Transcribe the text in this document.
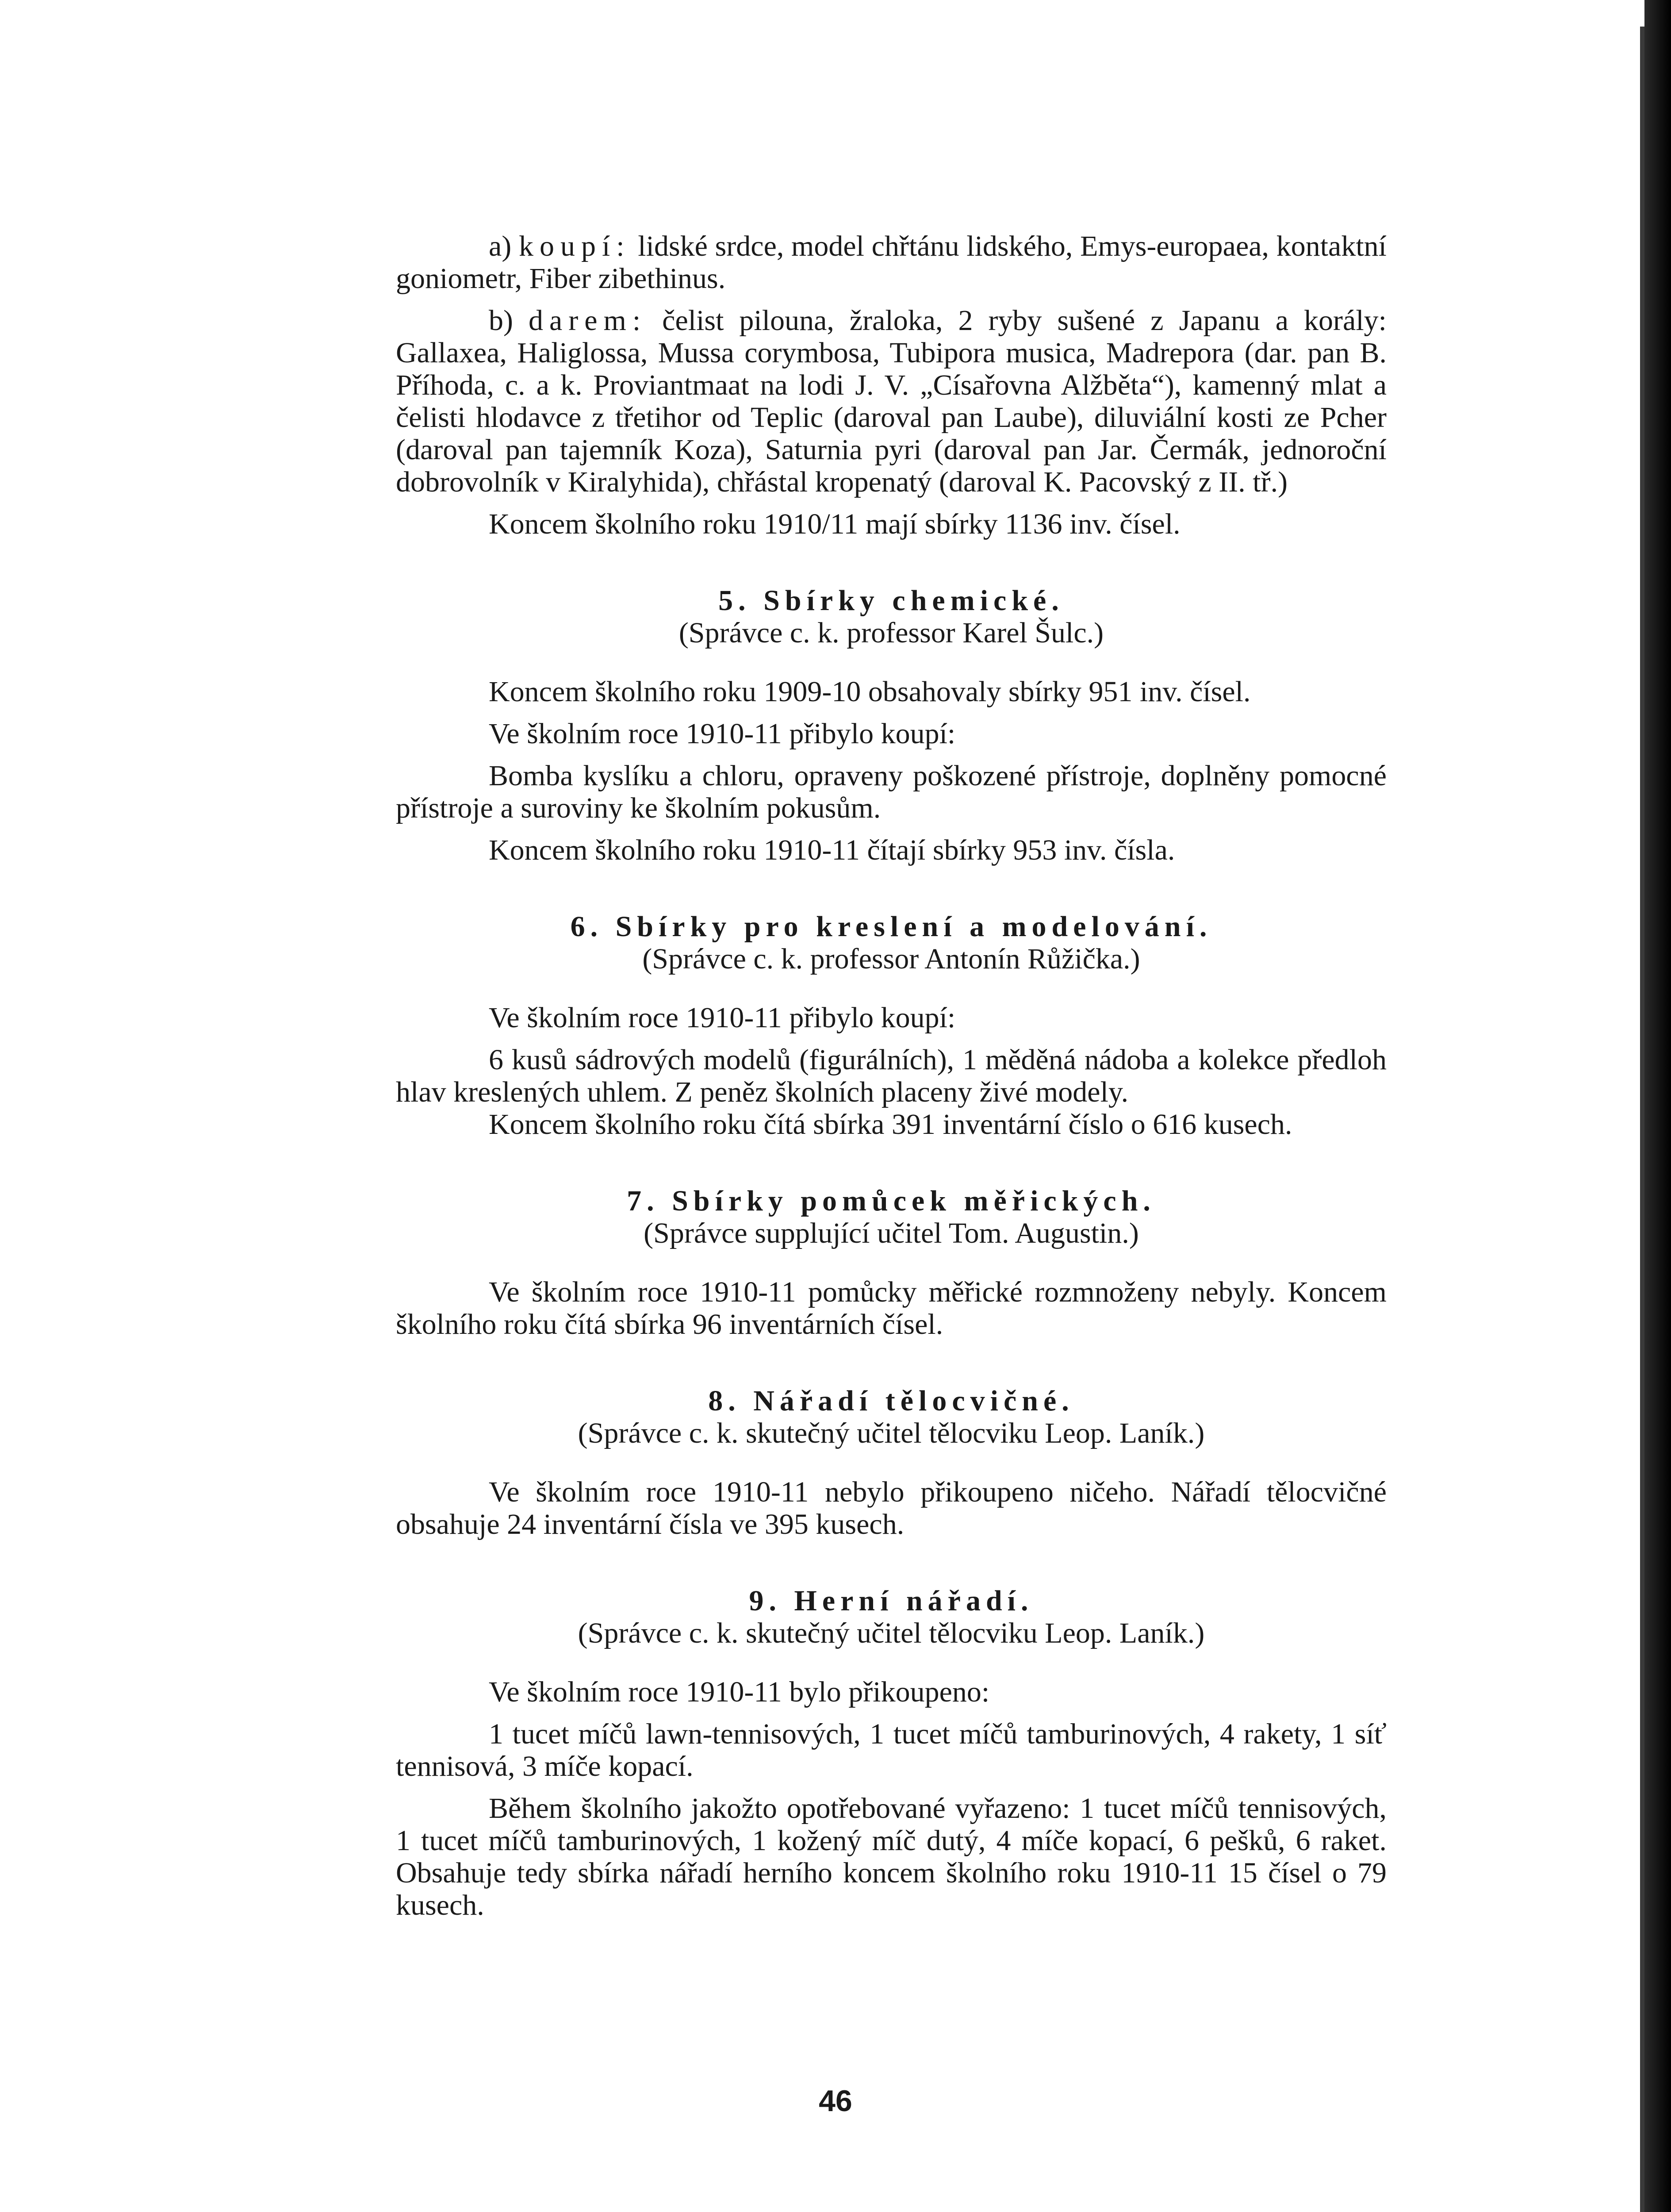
a) koupí: lidské srdce, model chřtánu lidského, Emys-europaea, kontaktní goniometr, Fiber zibethinus.

b) darem: čelist pilouna, žraloka, 2 ryby sušené z Japanu a korály: Gallaxea, Haliglossa, Mussa corymbosa, Tubipora musica, Madrepora (dar. pan B. Příhoda, c. a k. Proviantmaat na lodi J. V. „Císařovna Alžběta“), kamenný mlat a čelisti hlodavce z třetihor od Teplic (daroval pan Laube), diluviální kosti ze Pcher (daroval pan tajemník Koza), Saturnia pyri (daroval pan Jar. Čermák, jednoroční dobrovolník v Kiralyhida), chřástal kropenatý (daroval K. Pacovský z II. tř.)

Koncem školního roku 1910/11 mají sbírky 1136 inv. čísel.

5. Sbírky chemické.
(Správce c. k. professor Karel Šulc.)

Koncem školního roku 1909-10 obsahovaly sbírky 951 inv. čísel.

Ve školním roce 1910-11 přibylo koupí:

Bomba kyslíku a chloru, opraveny poškozené přístroje, doplněny pomocné přístroje a suroviny ke školním pokusům.

Koncem školního roku 1910-11 čítají sbírky 953 inv. čísla.

6. Sbírky pro kreslení a modelování.
(Správce c. k. professor Antonín Růžička.)

Ve školním roce 1910-11 přibylo koupí:

6 kusů sádrových modelů (figurálních), 1 měděná nádoba a kolekce předloh hlav kreslených uhlem. Z peněz školních placeny živé modely.

Koncem školního roku čítá sbírka 391 inventární číslo o 616 kusech.

7. Sbírky pomůcek měřických.
(Správce supplující učitel Tom. Augustin.)

Ve školním roce 1910-11 pomůcky měřické rozmnoženy nebyly. Koncem školního roku čítá sbírka 96 inventárních čísel.

8. Nářadí tělocvičné.
(Správce c. k. skutečný učitel tělocviku Leop. Laník.)

Ve školním roce 1910-11 nebylo přikoupeno ničeho. Nářadí tělocvičné obsahuje 24 inventární čísla ve 395 kusech.

9. Herní nářadí.
(Správce c. k. skutečný učitel tělocviku Leop. Laník.)

Ve školním roce 1910-11 bylo přikoupeno:

1 tucet míčů lawn-tennisových, 1 tucet míčů tamburinových, 4 rakety, 1 síť tennisová, 3 míče kopací.

Během školního jakožto opotřebované vyřazeno: 1 tucet míčů tennisových, 1 tucet míčů tamburinových, 1 kožený míč dutý, 4 míče kopací, 6 pešků, 6 raket. Obsahuje tedy sbírka nářadí herního koncem školního roku 1910-11 15 čísel o 79 kusech.

46
